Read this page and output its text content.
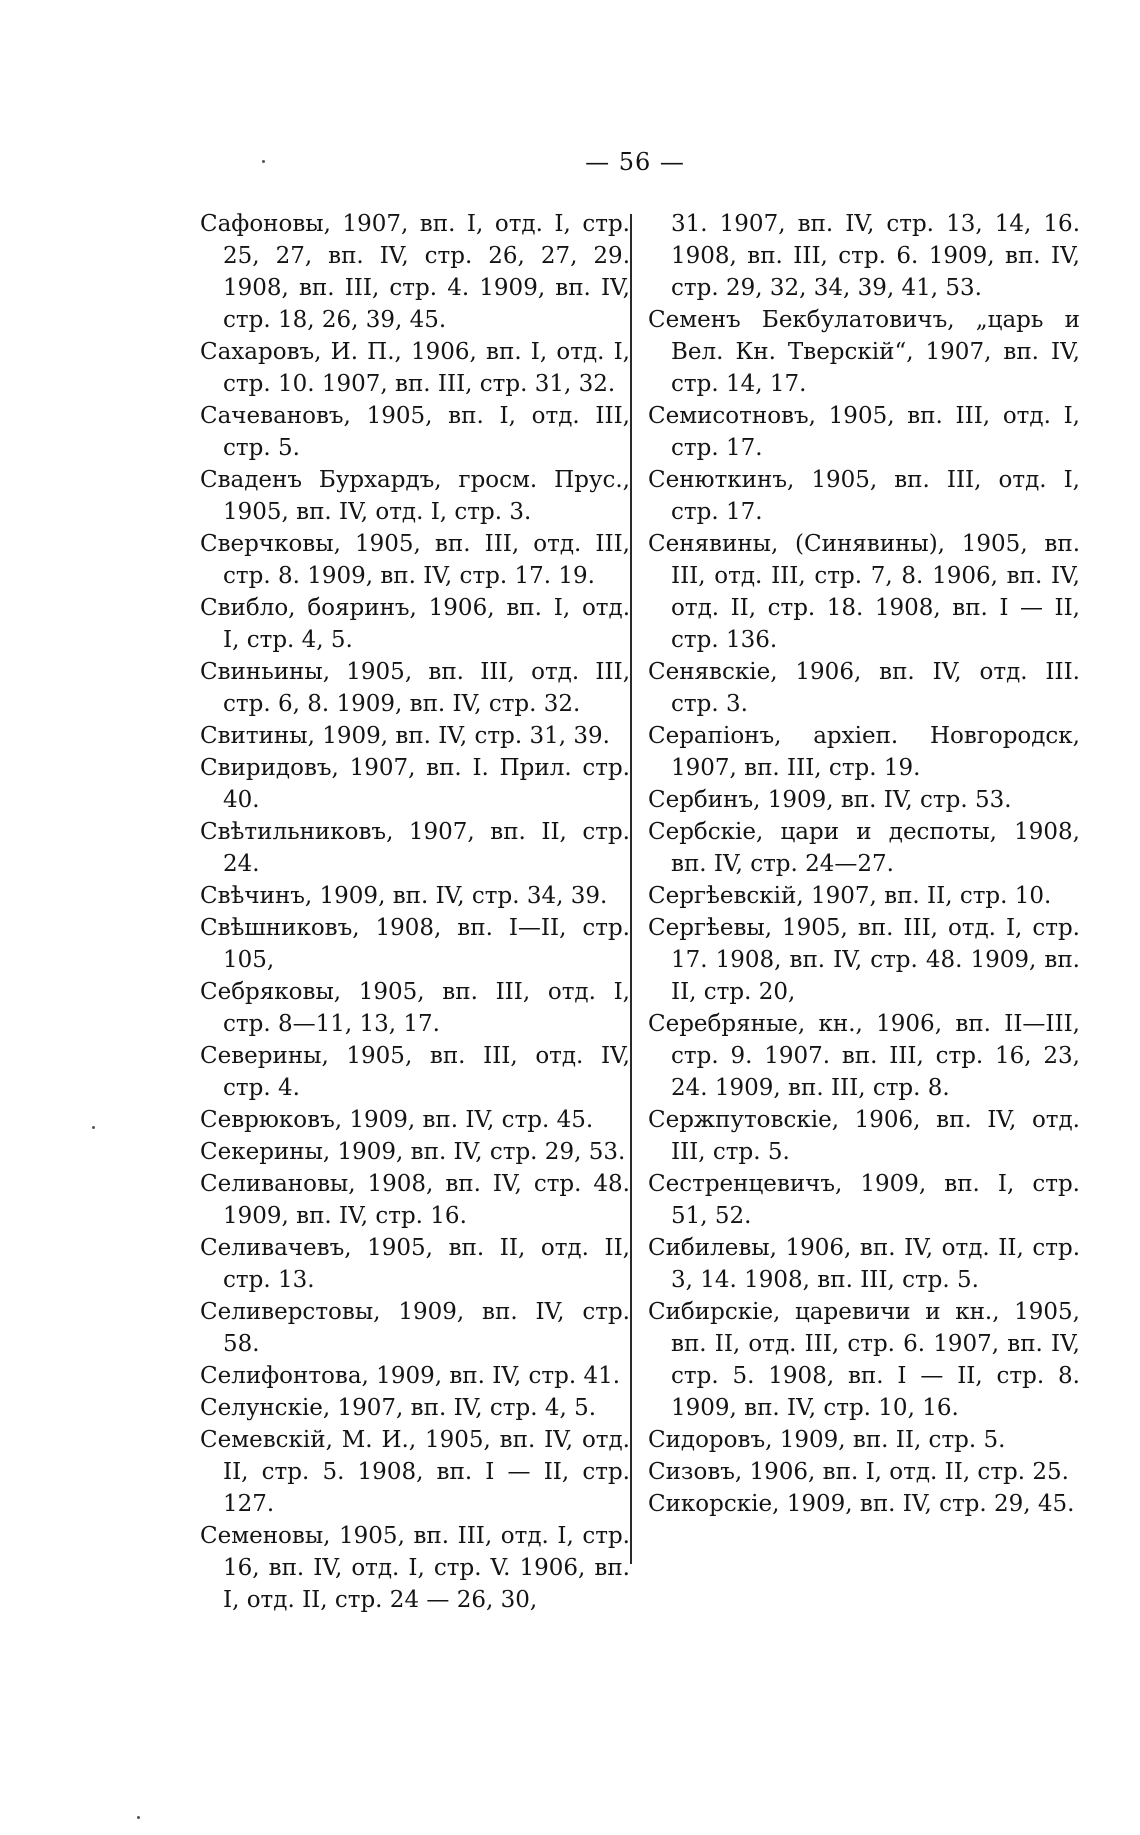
— 56 —

Сафоновы, 1907, вп. I, отд. I, стр. 25, 27, вп. IV, стр. 26, 27, 29. 1908, вп. III, стр. 4. 1909, вп. IV, стр. 18, 26, 39, 45.

Сахаровъ, И. П., 1906, вп. I, отд. I, стр. 10. 1907, вп. III, стр. 31, 32.

Сачевановъ, 1905, вп. I, отд. III, стр. 5.

Сваденъ Бурхардъ, гросм. Прус., 1905, вп. IV, отд. I, стр. 3.

Сверчковы, 1905, вп. III, отд. III, стр. 8. 1909, вп. IV, стр. 17. 19.

Свибло, бояринъ, 1906, вп. I, отд. I, стр. 4, 5.

Свиньины, 1905, вп. III, отд. III, стр. 6, 8. 1909, вп. IV, стр. 32.

Свитины, 1909, вп. IV, стр. 31, 39.

Свиридовъ, 1907, вп. I. Прил. стр. 40.

Свѣтильниковъ, 1907, вп. II, стр. 24.

Свѣчинъ, 1909, вп. IV, стр. 34, 39.

Свѣшниковъ, 1908, вп. I—II, стр. 105,

Себряковы, 1905, вп. III, отд. I, стр. 8—11, 13, 17.

Северины, 1905, вп. III, отд. IV, стр. 4.

Севрюковъ, 1909, вп. IV, стр. 45.

Секерины, 1909, вп. IV, стр. 29, 53.

Селивановы, 1908, вп. IV, стр. 48. 1909, вп. IV, стр. 16.

Селивачевъ, 1905, вп. II, отд. II, стр. 13.

Селиверстовы, 1909, вп. IV, стр. 58.

Селифонтова, 1909, вп. IV, стр. 41.

Селунскіе, 1907, вп. IV, стр. 4, 5.

Семевскій, М. И., 1905, вп. IV, отд. II, стр. 5. 1908, вп. I — II, стр. 127.

Семеновы, 1905, вп. III, отд. I, стр. 16, вп. IV, отд. I, стр. V. 1906, вп. I, отд. II, стр. 24 — 26, 30,

31. 1907, вп. IV, стр. 13, 14, 16. 1908, вп. III, стр. 6. 1909, вп. IV, стр. 29, 32, 34, 39, 41, 53.

Семенъ Бекбулатовичъ, „царь и Вел. Кн. Тверскій“, 1907, вп. IV, стр. 14, 17.

Семисотновъ, 1905, вп. III, отд. I, стр. 17.

Сенюткинъ, 1905, вп. III, отд. I, стр. 17.

Сенявины, (Синявины), 1905, вп. III, отд. III, стр. 7, 8. 1906, вп. IV, отд. II, стр. 18. 1908, вп. I — II, стр. 136.

Сенявскіе, 1906, вп. IV, отд. III. стр. 3.

Серапіонъ, архіеп. Новгородск, 1907, вп. III, стр. 19.

Сербинъ, 1909, вп. IV, стр. 53.

Сербскіе, цари и деспоты, 1908, вп. IV, стр. 24—27.

Сергѣевскій, 1907, вп. II, стр. 10.

Сергѣевы, 1905, вп. III, отд. I, стр. 17. 1908, вп. IV, стр. 48. 1909, вп. II, стр. 20,

Серебряные, кн., 1906, вп. II—III, стр. 9. 1907. вп. III, стр. 16, 23, 24. 1909, вп. III, стр. 8.

Сержпутовскіе, 1906, вп. IV, отд. III, стр. 5.

Сестренцевичъ, 1909, вп. I, стр. 51, 52.

Сибилевы, 1906, вп. IV, отд. II, стр. 3, 14. 1908, вп. III, стр. 5.

Сибирскіе, царевичи и кн., 1905, вп. II, отд. III, стр. 6. 1907, вп. IV, стр. 5. 1908, вп. I — II, стр. 8. 1909, вп. IV, стр. 10, 16.

Сидоровъ, 1909, вп. II, стр. 5.

Сизовъ, 1906, вп. I, отд. II, стр. 25.

Сикорскіе, 1909, вп. IV, стр. 29, 45.
